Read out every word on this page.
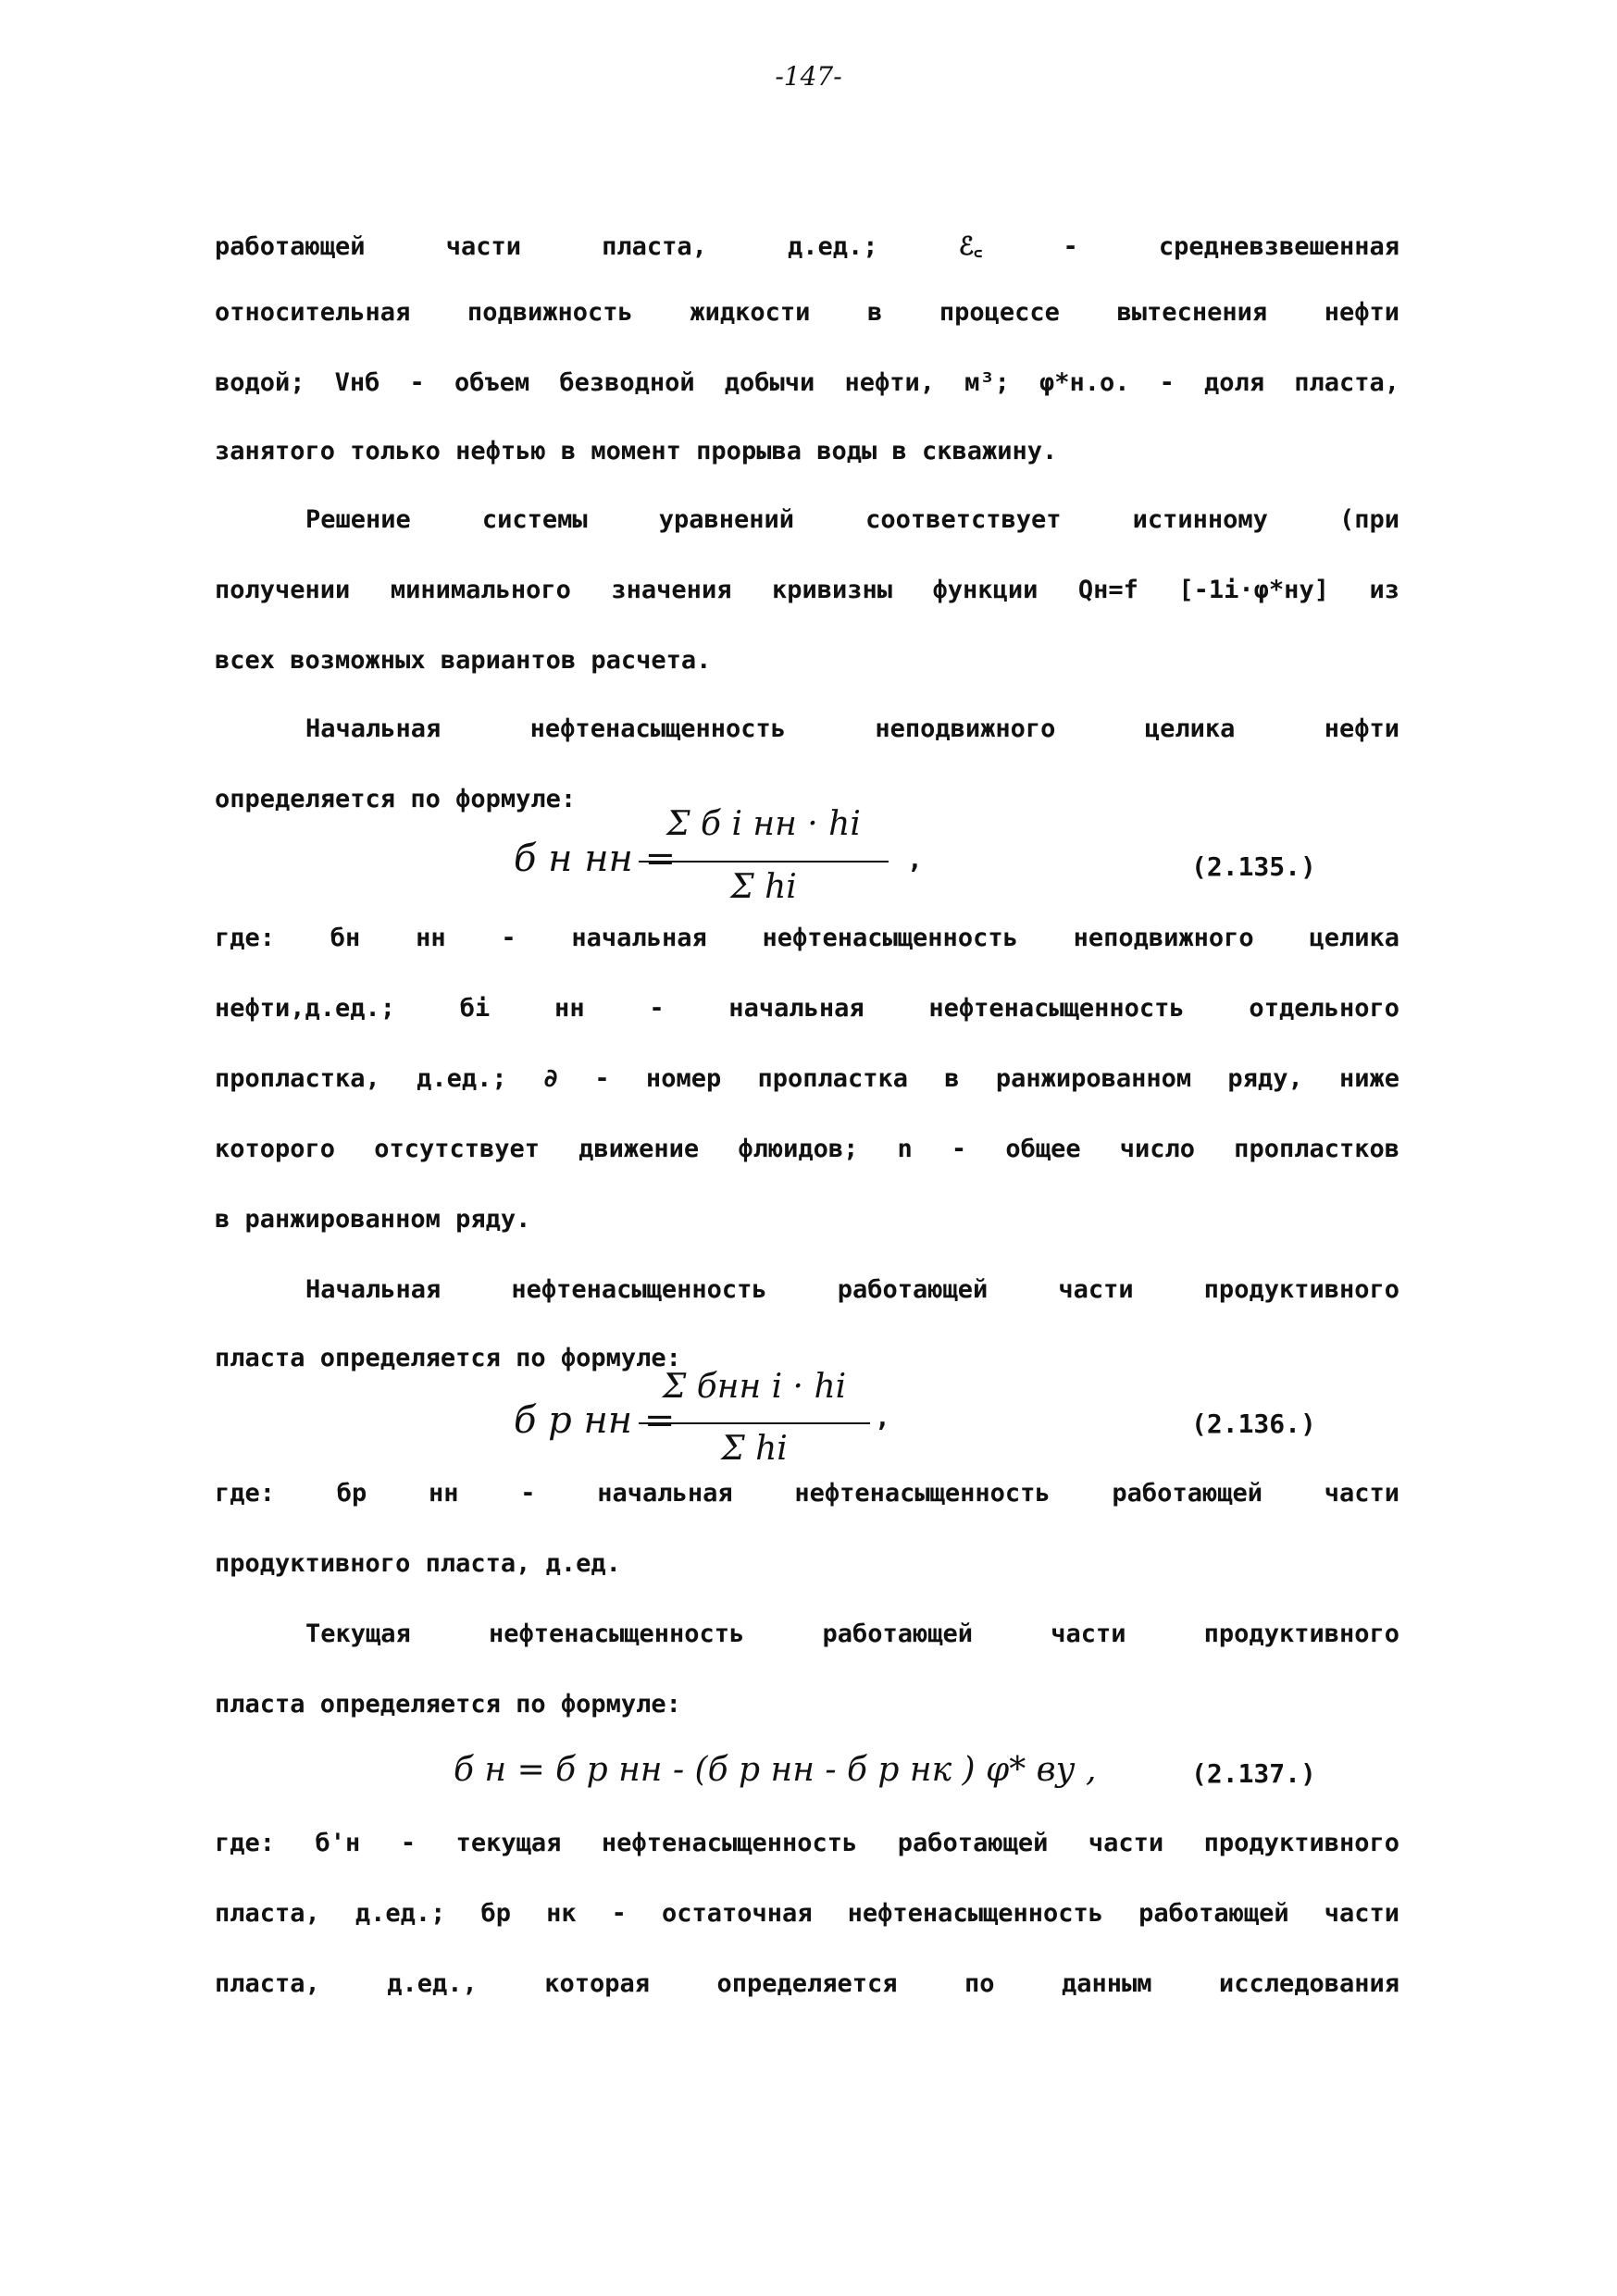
-147-
работающей части пласта, д.ед.; ℰ꜀ - средневзвешенная
относительная подвижность жидкости в процессе вытеснения нефти
водой; Vнб - объем безводной добычи нефти, м³; φ*н.о. - доля пласта,
занятого только нефтью в момент прорыва воды в скважину.
Решение системы уравнений соответствует истинному (при
получении минимального значения кривизны функции Qн=f [-1i·φ*ну] из
всех возможных вариантов расчета.
Начальная нефтенасыщенность неподвижного целика нефти
определяется по формуле:
б н нн =
Σ б i нн · hi
Σ hi
,	(2.135.)
где: бн нн - начальная нефтенасыщенность неподвижного целика
нефти,д.ед.; бi нн - начальная нефтенасыщенность отдельного
пропластка, д.ед.; ∂ - номер пропластка в ранжированном ряду, ниже
которого отсутствует движение флюидов; n - общее число пропластков
в ранжированном ряду.
Начальная нефтенасыщенность работающей части продуктивного
пласта определяется по формуле:
б р нн =
Σ бнн i · hi
Σ hi
,	(2.136.)
где: бр нн - начальная нефтенасыщенность работающей части
продуктивного пласта, д.ед.
Текущая нефтенасыщенность работающей части продуктивного
пласта определяется по формуле:
б н = б р нн - (б р нн - б р нк ) φ* ву ,	(2.137.)
где: б'н - текущая нефтенасыщенность работающей части продуктивного
пласта, д.ед.; бр нк - остаточная нефтенасыщенность работающей части
пласта, д.ед., которая определяется по данным исследования
